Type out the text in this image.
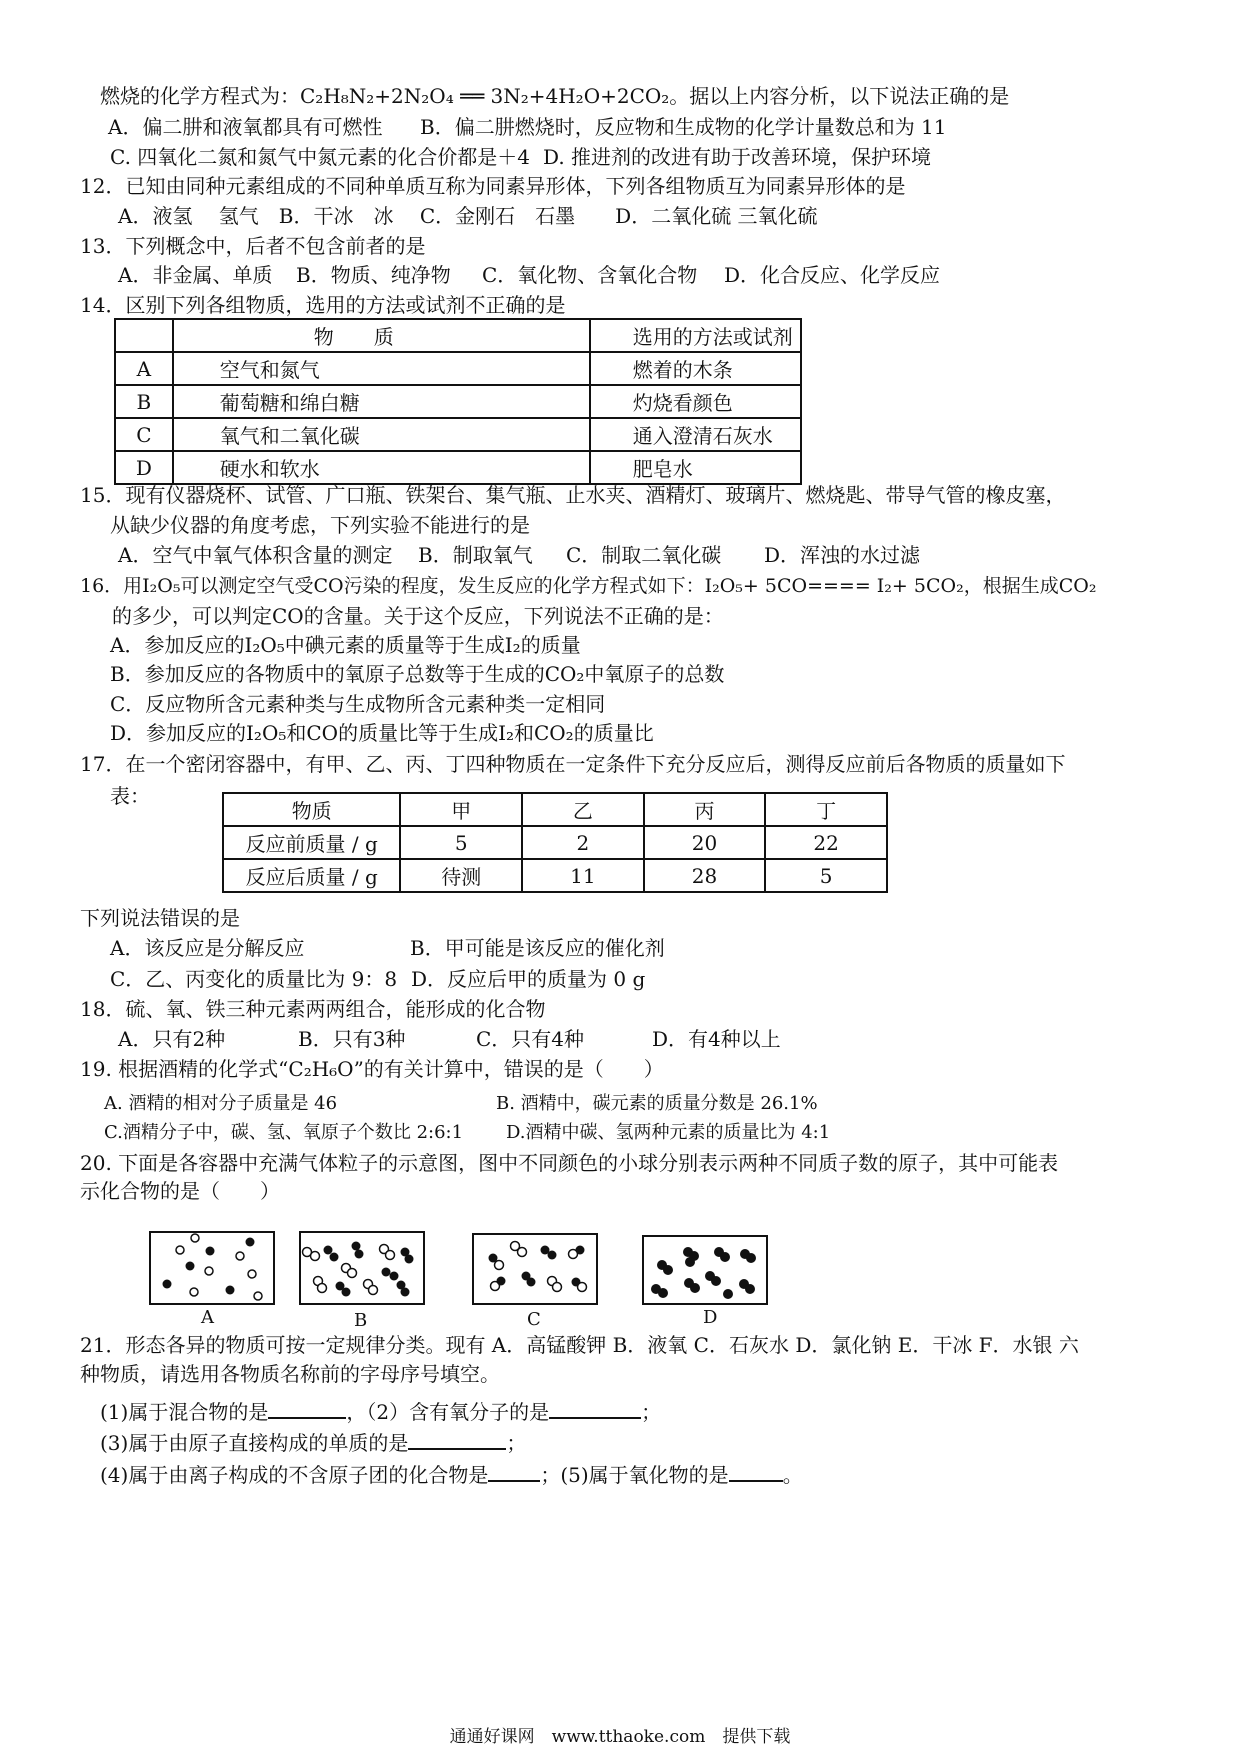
燃烧的化学方程式为：C₂H₈N₂+2N₂O₄ ══ 3N₂+4H₂O+2CO₂。据以上内容分析，以下说法正确的是
A．偏二肼和液氧都具有可燃性 B．偏二肼燃烧时，反应物和生成物的化学计量数总和为 11
C. 四氧化二氮和氮气中氮元素的化合价都是＋4 D. 推进剂的改进有助于改善环境，保护环境
12．已知由同种元素组成的不同种单质互称为同素异形体，下列各组物质互为同素异形体的是
A．液氢　 氢气　B．干冰　冰　 C．金刚石　石墨　　D．二氧化硫 三氧化硫
13．下列概念中，后者不包含前者的是
A．非金属、单质 B．物质、纯净物 C．氧化物、含氧化合物 D．化合反应、化学反应
14．区别下列各组物质，选用的方法或试剂不正确的是
	物　　质	选用的方法或试剂
A	空气和氮气	燃着的木条
B	葡萄糖和绵白糖	灼烧看颜色
C	氧气和二氧化碳	通入澄清石灰水
D	硬水和软水	肥皂水
15．现有仪器烧杯、试管、广口瓶、铁架台、集气瓶、止水夹、酒精灯、玻璃片、燃烧匙、带导气管的橡皮塞，
从缺少仪器的角度考虑，下列实验不能进行的是
A．空气中氧气体积含量的测定 B．制取氧气 C．制取二氧化碳 D．浑浊的水过滤
16．用I₂O₅可以测定空气受CO污染的程度，发生反应的化学方程式如下：I₂O₅+ 5CO==== I₂+ 5CO₂，根据生成CO₂
的多少，可以判定CO的含量。关于这个反应，下列说法不正确的是：
A．参加反应的I₂O₅中碘元素的质量等于生成I₂的质量
B．参加反应的各物质中的氧原子总数等于生成的CO₂中氧原子的总数
C．反应物所含元素种类与生成物所含元素种类一定相同
D．参加反应的I₂O₅和CO的质量比等于生成I₂和CO₂的质量比
17．在一个密闭容器中，有甲、乙、丙、丁四种物质在一定条件下充分反应后，测得反应前后各物质的质量如下
表：
物质	甲	乙	丙	丁
反应前质量 / g	5	2	20	22
反应后质量 / g	待测	11	28	5
下列说法错误的是
A．该反应是分解反应	B．甲可能是该反应的催化剂
C．乙、丙变化的质量比为 9：8 D．反应后甲的质量为 0 g
18．硫、氧、铁三种元素两两组合，能形成的化合物
A．只有2种	B．只有3种	C．只有4种	D．有4种以上
19. 根据酒精的化学式“C₂H₆O”的有关计算中，错误的是（　　）
A. 酒精的相对分子质量是 46	B. 酒精中，碳元素的质量分数是 26.1%
C.酒精分子中，碳、氢、氧原子个数比 2:6:1 D.酒精中碳、氢两种元素的质量比为 4:1
20. 下面是各容器中充满气体粒子的示意图，图中不同颜色的小球分别表示两种不同质子数的原子，其中可能表
示化合物的是（　　）
A	B	C	D
21．形态各异的物质可按一定规律分类。现有 A．高锰酸钾 B．液氧 C．石灰水 D．氯化钠 E．干冰 F．水银 六
种物质，请选用各物质名称前的字母序号填空。
(1)属于混合物的是	，（2）含有氧分子的是	；
(3)属于由原子直接构成的单质的是	；
(4)属于由离子构成的不含原子团的化合物是	；(5)属于氧化物的是	。
通通好课网　www.tthaoke.com　提供下载
